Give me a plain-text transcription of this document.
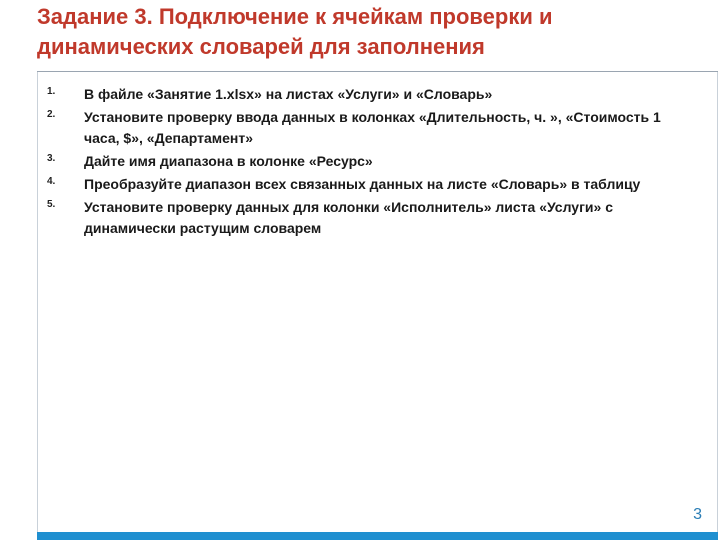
Задание 3. Подключение к ячейкам проверки и
динамических словарей для заполнения
1. В файле «Занятие 1.xlsx» на листах «Услуги» и «Словарь»
2. Установите проверку ввода данных в колонках «Длительность, ч. », «Стоимость 1 часа, $», «Департамент»
3. Дайте имя диапазона в колонке «Ресурс»
4. Преобразуйте диапазон всех связанных данных на листе «Словарь» в таблицу
5. Установите проверку данных для колонки «Исполнитель» листа «Услуги» с динамически растущим словарем
3
